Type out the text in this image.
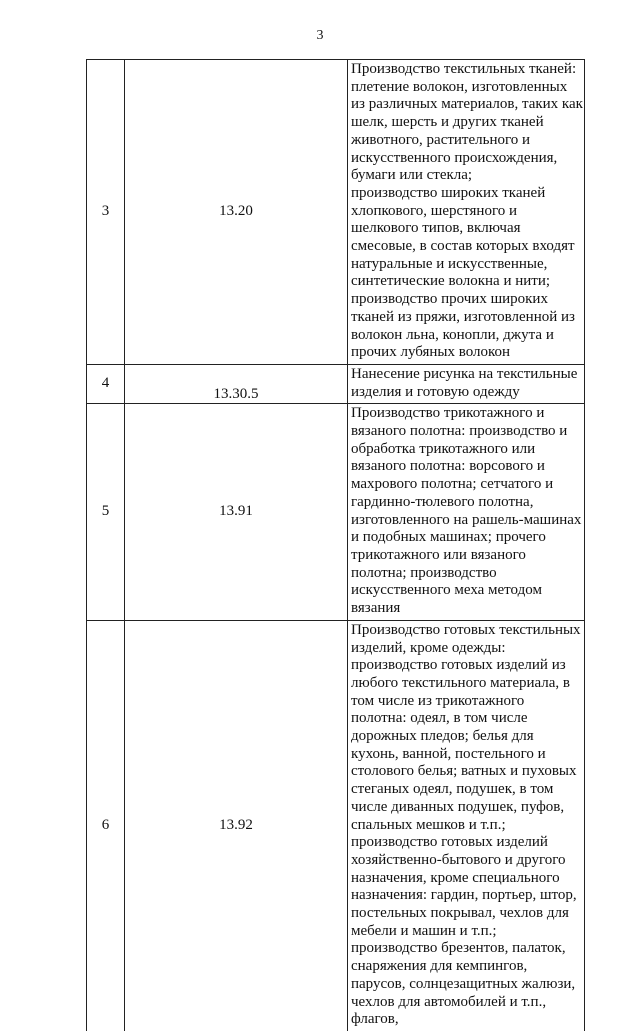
3
3	13.20	Производство текстильных тканей:
плетение волокон, изготовленных из различных материалов, таких как шелк, шерсть и других тканей животного, растительного и искусственного происхождения, бумаги или стекла;
производство широких тканей хлопкового, шерстяного и шелкового типов, включая смесовые, в состав которых входят натуральные и искусственные, синтетические волокна и нити;
производство прочих широких тканей из пряжи, изготовленной из волокон льна, конопли, джута и прочих лубяных волокон
4	13.30.5	Нанесение рисунка на текстильные изделия и готовую одежду
5	13.91	Производство трикотажного и вязаного полотна: производство и обработка трикотажного или вязаного полотна: ворсового и махрового полотна; сетчатого и гардинно-тюлевого полотна, изготовленного на рашель-машинах и подобных машинах; прочего трикотажного или вязаного полотна; производство искусственного меха методом вязания
6	13.92	Производство готовых текстильных изделий, кроме одежды:
производство готовых изделий из любого текстильного материала, в том числе из трикотажного полотна: одеял, в том числе дорожных пледов; белья для кухонь, ванной, постельного и столового белья; ватных и пуховых стеганых одеял, подушек, в том числе диванных подушек, пуфов, спальных мешков и т.п.;
производство готовых изделий хозяйственно-бытового и другого назначения, кроме специального назначения: гардин, портьер, штор, постельных покрывал, чехлов для мебели и машин и т.п.;
производство брезентов, палаток, снаряжения для кемпингов, парусов, солнцезащитных жалюзи, чехлов для автомобилей и т.п., флагов,
